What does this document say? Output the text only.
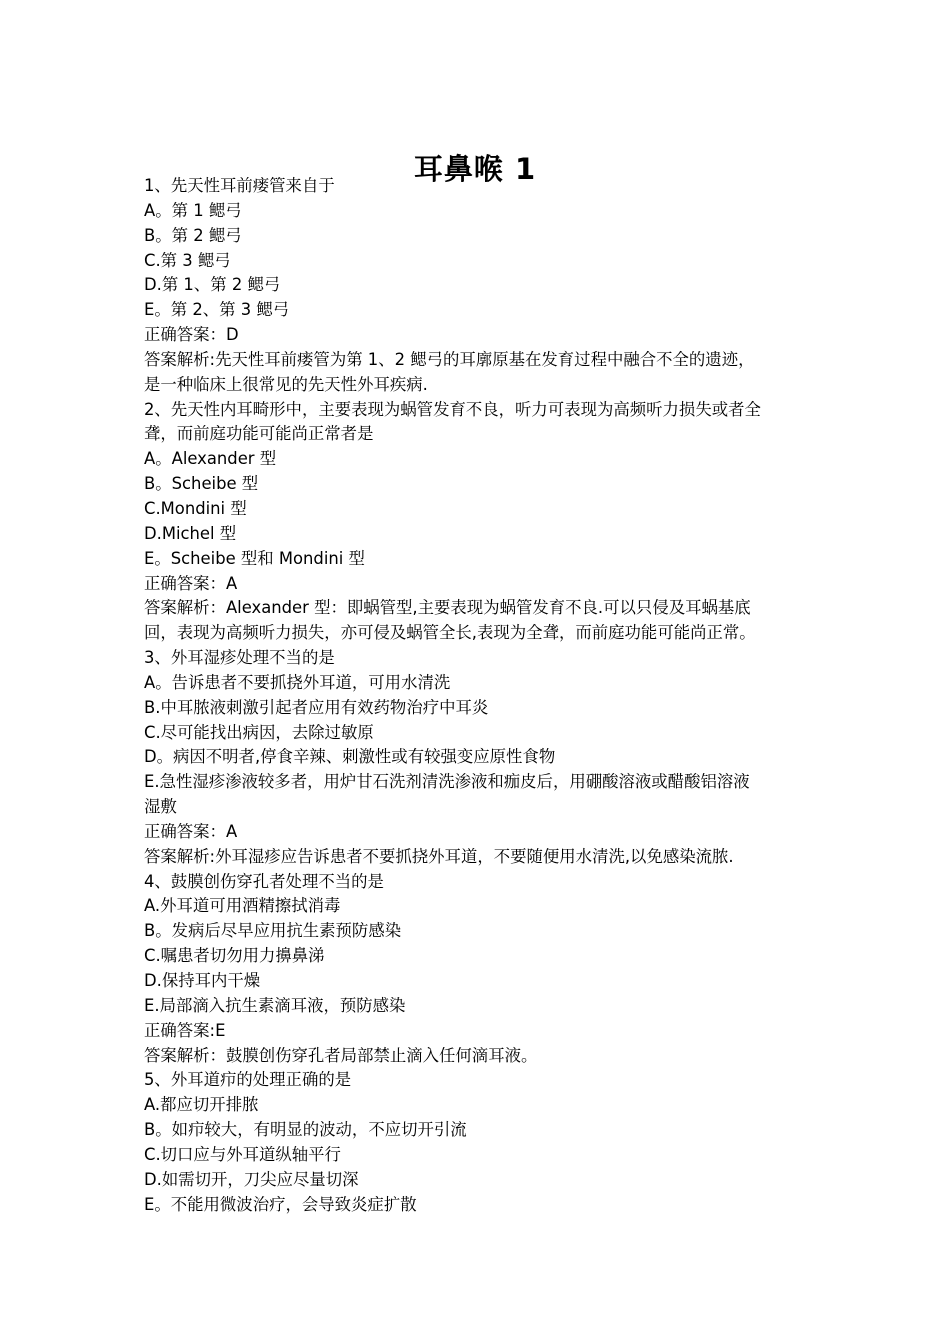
耳鼻喉 1

1、先天性耳前瘘管来自于

A。第 1 鳃弓

B。第 2 鳃弓

C.第 3 鳃弓

D.第 1、第 2 鳃弓

E。第 2、第 3 鳃弓

正确答案：D

答案解析:先天性耳前瘘管为第 1、2 鳃弓的耳廓原基在发育过程中融合不全的遗迹，

是一种临床上很常见的先天性外耳疾病.

2、先天性内耳畸形中，主要表现为蜗管发育不良，听力可表现为高频听力损失或者全

聋，而前庭功能可能尚正常者是

A。Alexander 型

B。Scheibe 型

C.Mondini 型

D.Michel 型

E。Scheibe 型和 Mondini 型

正确答案：A

答案解析：Alexander 型：即蜗管型,主要表现为蜗管发育不良.可以只侵及耳蜗基底

回，表现为高频听力损失，亦可侵及蜗管全长,表现为全聋，而前庭功能可能尚正常。

3、外耳湿疹处理不当的是

A。告诉患者不要抓挠外耳道，可用水清洗

B.中耳脓液刺激引起者应用有效药物治疗中耳炎

C.尽可能找出病因，去除过敏原

D。病因不明者,停食辛辣、刺激性或有较强变应原性食物

E.急性湿疹渗液较多者，用炉甘石洗剂清洗渗液和痂皮后，用硼酸溶液或醋酸铝溶液

湿敷

正确答案：A

答案解析:外耳湿疹应告诉患者不要抓挠外耳道，不要随便用水清洗,以免感染流脓.

4、鼓膜创伤穿孔者处理不当的是

A.外耳道可用酒精擦拭消毒

B。发病后尽早应用抗生素预防感染

C.嘱患者切勿用力擤鼻涕

D.保持耳内干燥

E.局部滴入抗生素滴耳液，预防感染

正确答案:E

答案解析：鼓膜创伤穿孔者局部禁止滴入任何滴耳液。

5、外耳道疖的处理正确的是

A.都应切开排脓

B。如疖较大，有明显的波动，不应切开引流

C.切口应与外耳道纵轴平行

D.如需切开，刀尖应尽量切深

E。不能用微波治疗，会导致炎症扩散
